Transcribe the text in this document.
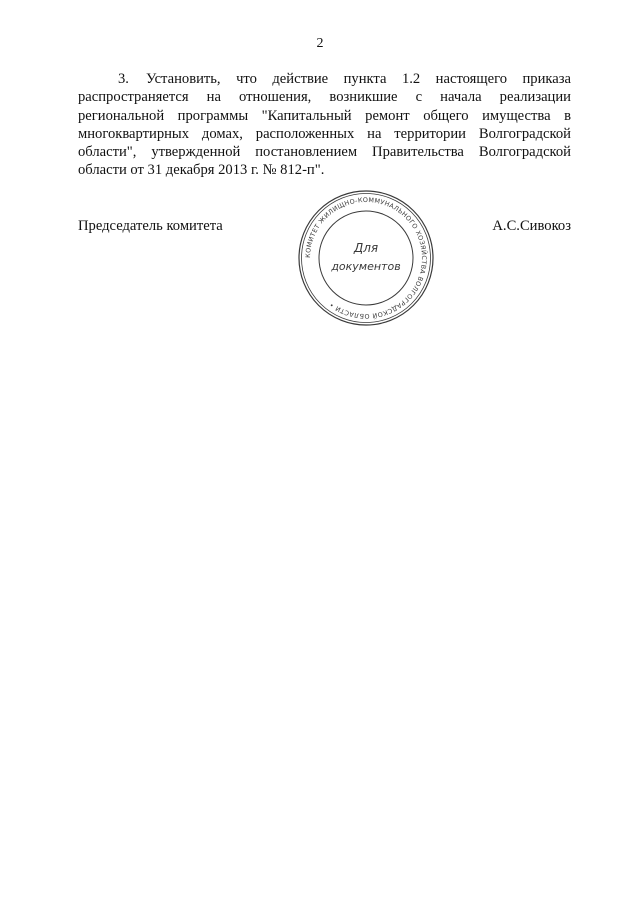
2
3. Установить, что действие пункта 1.2 настоящего приказа распространяется на отношения, возникшие с начала реализации региональной программы "Капитальный ремонт общего имущества в многоквартирных домах, расположенных на территории Волгоградской области", утвержденной постановлением Правительства Волгоградской области от 31 декабря 2013 г. № 812-п".
Председатель комитета	А.С.Сивокоз
КОМИТЕТ ЖИЛИЩНО-КОММУНАЛЬНОГО ХОЗЯЙСТВА ВОЛГОГРАДСКОЙ ОБЛАСТИ •
Для
документов
